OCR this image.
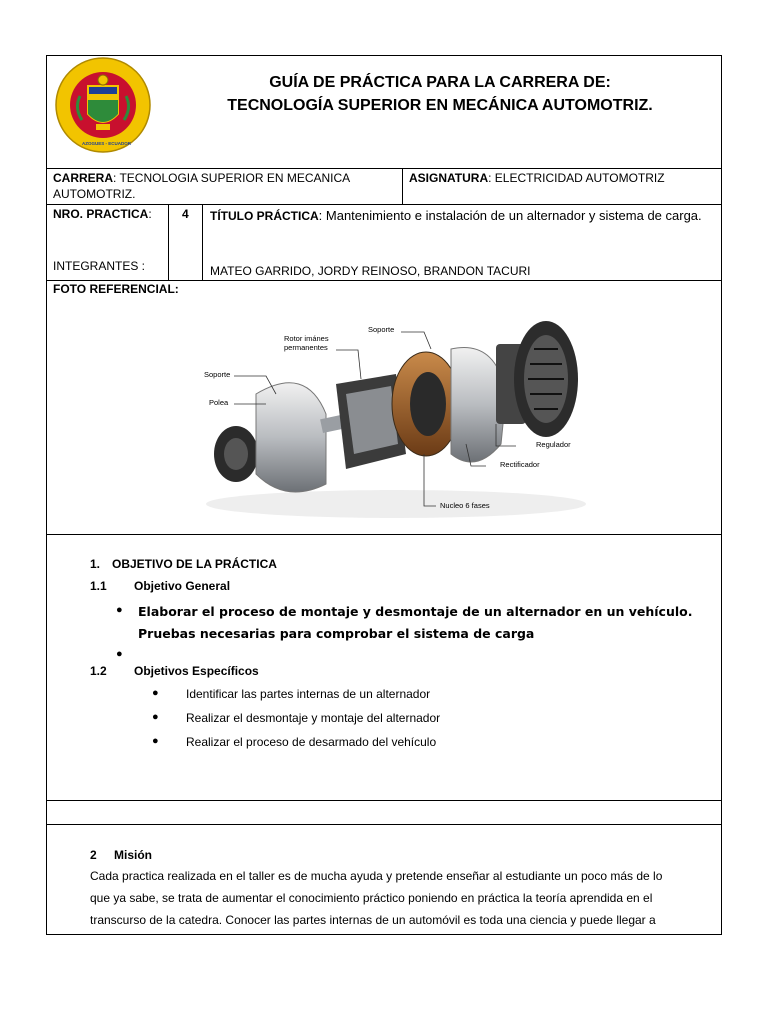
AZOGUES - ECUADOR
GUÍA DE PRÁCTICA PARA LA CARRERA DE:
TECNOLOGÍA SUPERIOR EN MECÁNICA AUTOMOTRIZ.
CARRERA: TECNOLOGIA SUPERIOR EN MECANICA AUTOMOTRIZ.
ASIGNATURA: ELECTRICIDAD AUTOMOTRIZ
NRO. PRACTICA:	4 TÍTULO PRÁCTICA: Mantenimiento e instalación de un alternador y sistema de carga.
INTEGRANTES :	MATEO GARRIDO, JORDY REINOSO, BRANDON TACURI
FOTO REFERENCIAL:
Rotor imánes
permanentes
Soporte
Soporte
Polea
Regulador
Rectificador
Nucleo 6 fases
1. OBJETIVO DE LA PRÁCTICA
1.1 Objetivo General
● Elaborar el proceso de montaje y desmontaje de un alternador en un vehículo. Pruebas necesarias para comprobar el sistema de carga
●
1.2 Objetivos Específicos
● Identificar las partes internas de un alternador
● Realizar el desmontaje y montaje del alternador
● Realizar el proceso de desarmado del vehículo
2 Misión
Cada practica realizada en el taller es de mucha ayuda y pretende enseñar al estudiante un poco más de lo
que ya sabe, se trata de aumentar el conocimiento práctico poniendo en práctica la teoría aprendida en el
transcurso de la catedra. Conocer las partes internas de un automóvil es toda una ciencia y puede llegar a
